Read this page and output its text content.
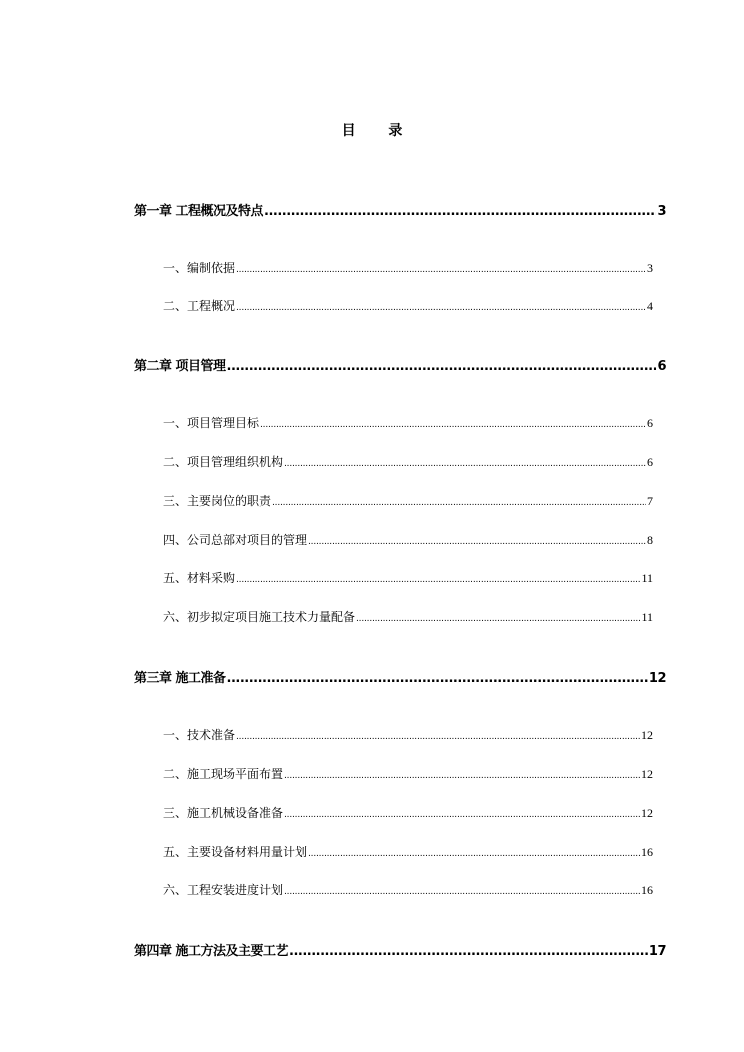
目 录
第一章 工程概况及特点 .....	3
一、编制依据 .....	3
二、工程概况 .....	4
第二章 项目管理 .....	6
一、项目管理目标 .....	6
二、项目管理组织机构 .....	6
三、主要岗位的职责 .....	7
四、公司总部对项目的管理 .....	8
五、材料采购 .....	11
六、初步拟定项目施工技术力量配备 .....	11
第三章 施工准备 .....	12
一、技术准备 .....	12
二、施工现场平面布置 .....	12
三、施工机械设备准备 .....	12
五、主要设备材料用量计划 .....	16
六、工程安装进度计划 .....	16
第四章 施工方法及主要工艺 .....	17
